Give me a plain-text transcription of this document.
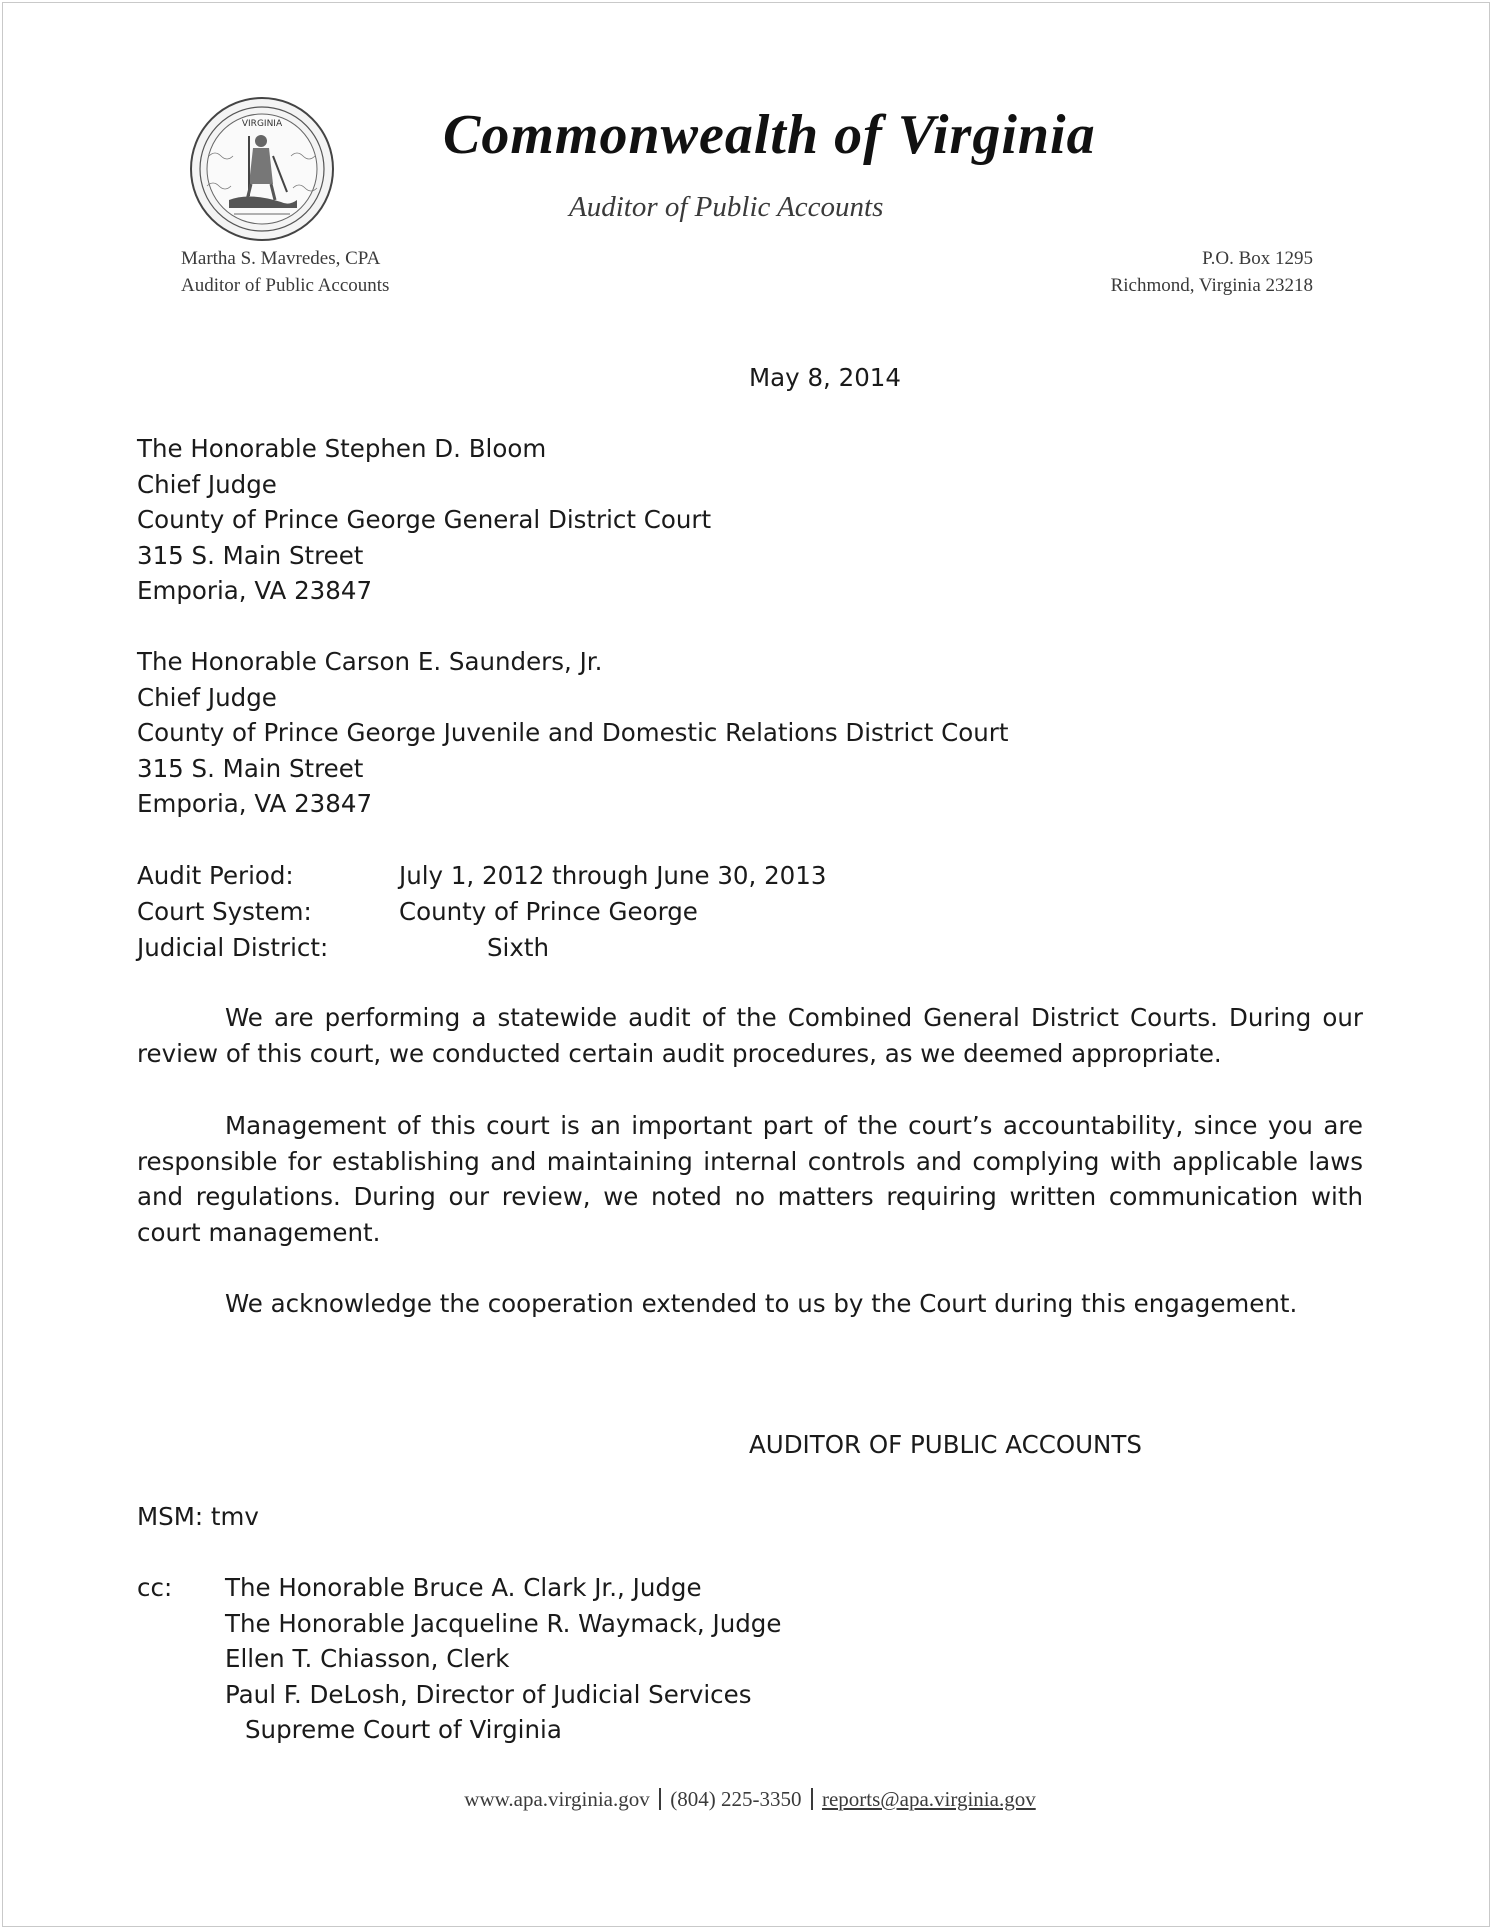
VIRGINIA	Commonwealth of Virginia
Auditor of Public Accounts
Martha S. Mavredes, CPA
Auditor of Public Accounts
P.O. Box 1295
Richmond, Virginia 23218
May 8, 2014
The Honorable Stephen D. Bloom
Chief Judge
County of Prince George General District Court
315 S. Main Street
Emporia, VA 23847
The Honorable Carson E. Saunders, Jr.
Chief Judge
County of Prince George Juvenile and Domestic Relations District Court
315 S. Main Street
Emporia, VA 23847
Audit Period:	July 1, 2012 through June 30, 2013
Court System:	County of Prince George
Judicial District:	Sixth
We are performing a statewide audit of the Combined General District Courts. During our review of this court, we conducted certain audit procedures, as we deemed appropriate.
Management of this court is an important part of the court’s accountability, since you are responsible for establishing and maintaining internal controls and complying with applicable laws and regulations. During our review, we noted no matters requiring written communication with court management.
We acknowledge the cooperation extended to us by the Court during this engagement.
AUDITOR OF PUBLIC ACCOUNTS
MSM: tmv
cc: The Honorable Bruce A. Clark Jr., Judge
The Honorable Jacqueline R. Waymack, Judge
Ellen T. Chiasson, Clerk
Paul F. DeLosh, Director of Judicial Services
Supreme Court of Virginia
www.apa.virginia.gov (804) 225-3350 reports@apa.virginia.gov
